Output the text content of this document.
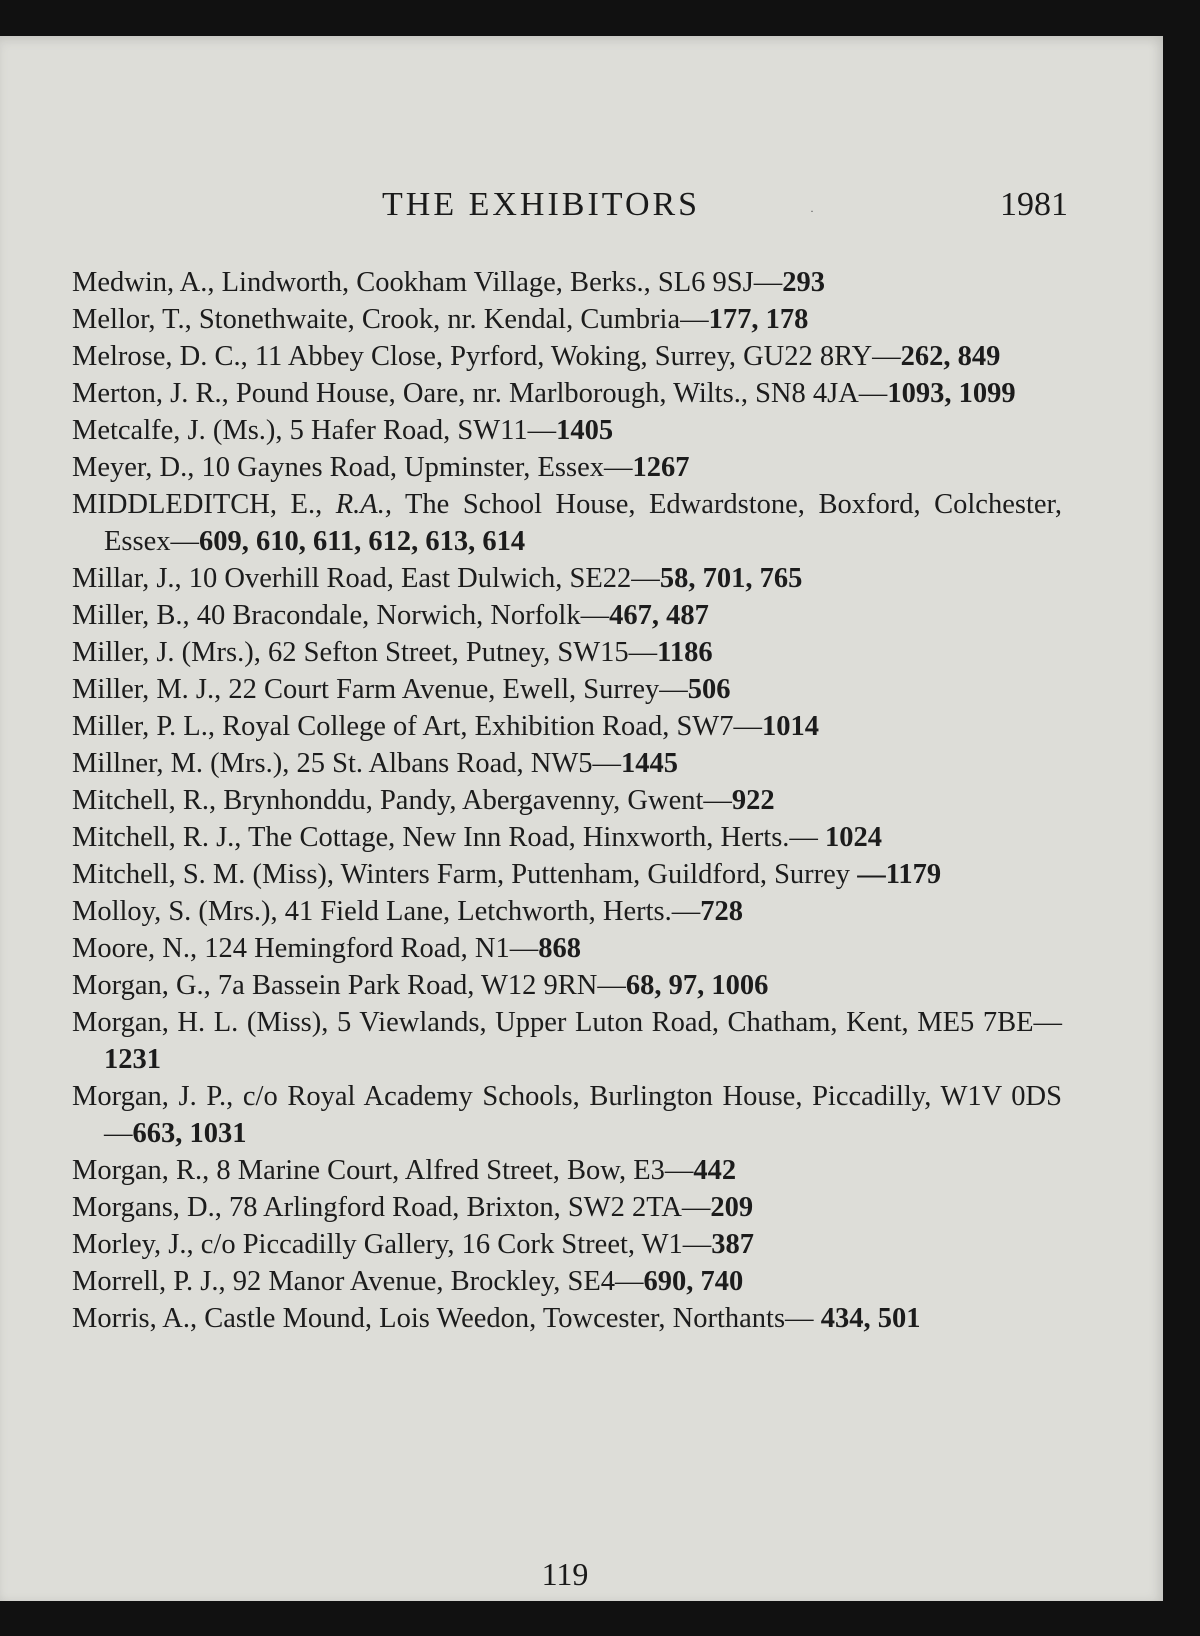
THE EXHIBITORS	·	1981
Medwin, A., Lindworth, Cookham Village, Berks., SL6 9SJ—293
Mellor, T., Stonethwaite, Crook, nr. Kendal, Cumbria—177, 178
Melrose, D. C., 11 Abbey Close, Pyrford, Woking, Surrey, GU22 8RY—262, 849
Merton, J. R., Pound House, Oare, nr. Marlborough, Wilts., SN8 4JA—1093, 1099
Metcalfe, J. (Ms.), 5 Hafer Road, SW11—1405
Meyer, D., 10 Gaynes Road, Upminster, Essex—1267
MIDDLEDITCH, E., R.A., The School House, Edwardstone, Boxford, Colchester, Essex—609, 610, 611, 612, 613, 614
Millar, J., 10 Overhill Road, East Dulwich, SE22—58, 701, 765
Miller, B., 40 Bracondale, Norwich, Norfolk—467, 487
Miller, J. (Mrs.), 62 Sefton Street, Putney, SW15—1186
Miller, M. J., 22 Court Farm Avenue, Ewell, Surrey—506
Miller, P. L., Royal College of Art, Exhibition Road, SW7—1014
Millner, M. (Mrs.), 25 St. Albans Road, NW5—1445
Mitchell, R., Brynhonddu, Pandy, Abergavenny, Gwent—922
Mitchell, R. J., The Cottage, New Inn Road, Hinxworth, Herts.— 1024
Mitchell, S. M. (Miss), Winters Farm, Puttenham, Guildford, Surrey —1179
Molloy, S. (Mrs.), 41 Field Lane, Letchworth, Herts.—728
Moore, N., 124 Hemingford Road, N1—868
Morgan, G., 7a Bassein Park Road, W12 9RN—68, 97, 1006
Morgan, H. L. (Miss), 5 Viewlands, Upper Luton Road, Chatham, Kent, ME5 7BE—1231
Morgan, J. P., c/o Royal Academy Schools, Burlington House, Piccadilly, W1V 0DS—663, 1031
Morgan, R., 8 Marine Court, Alfred Street, Bow, E3—442
Morgans, D., 78 Arlingford Road, Brixton, SW2 2TA—209
Morley, J., c/o Piccadilly Gallery, 16 Cork Street, W1—387
Morrell, P. J., 92 Manor Avenue, Brockley, SE4—690, 740
Morris, A., Castle Mound, Lois Weedon, Towcester, Northants— 434, 501
119
